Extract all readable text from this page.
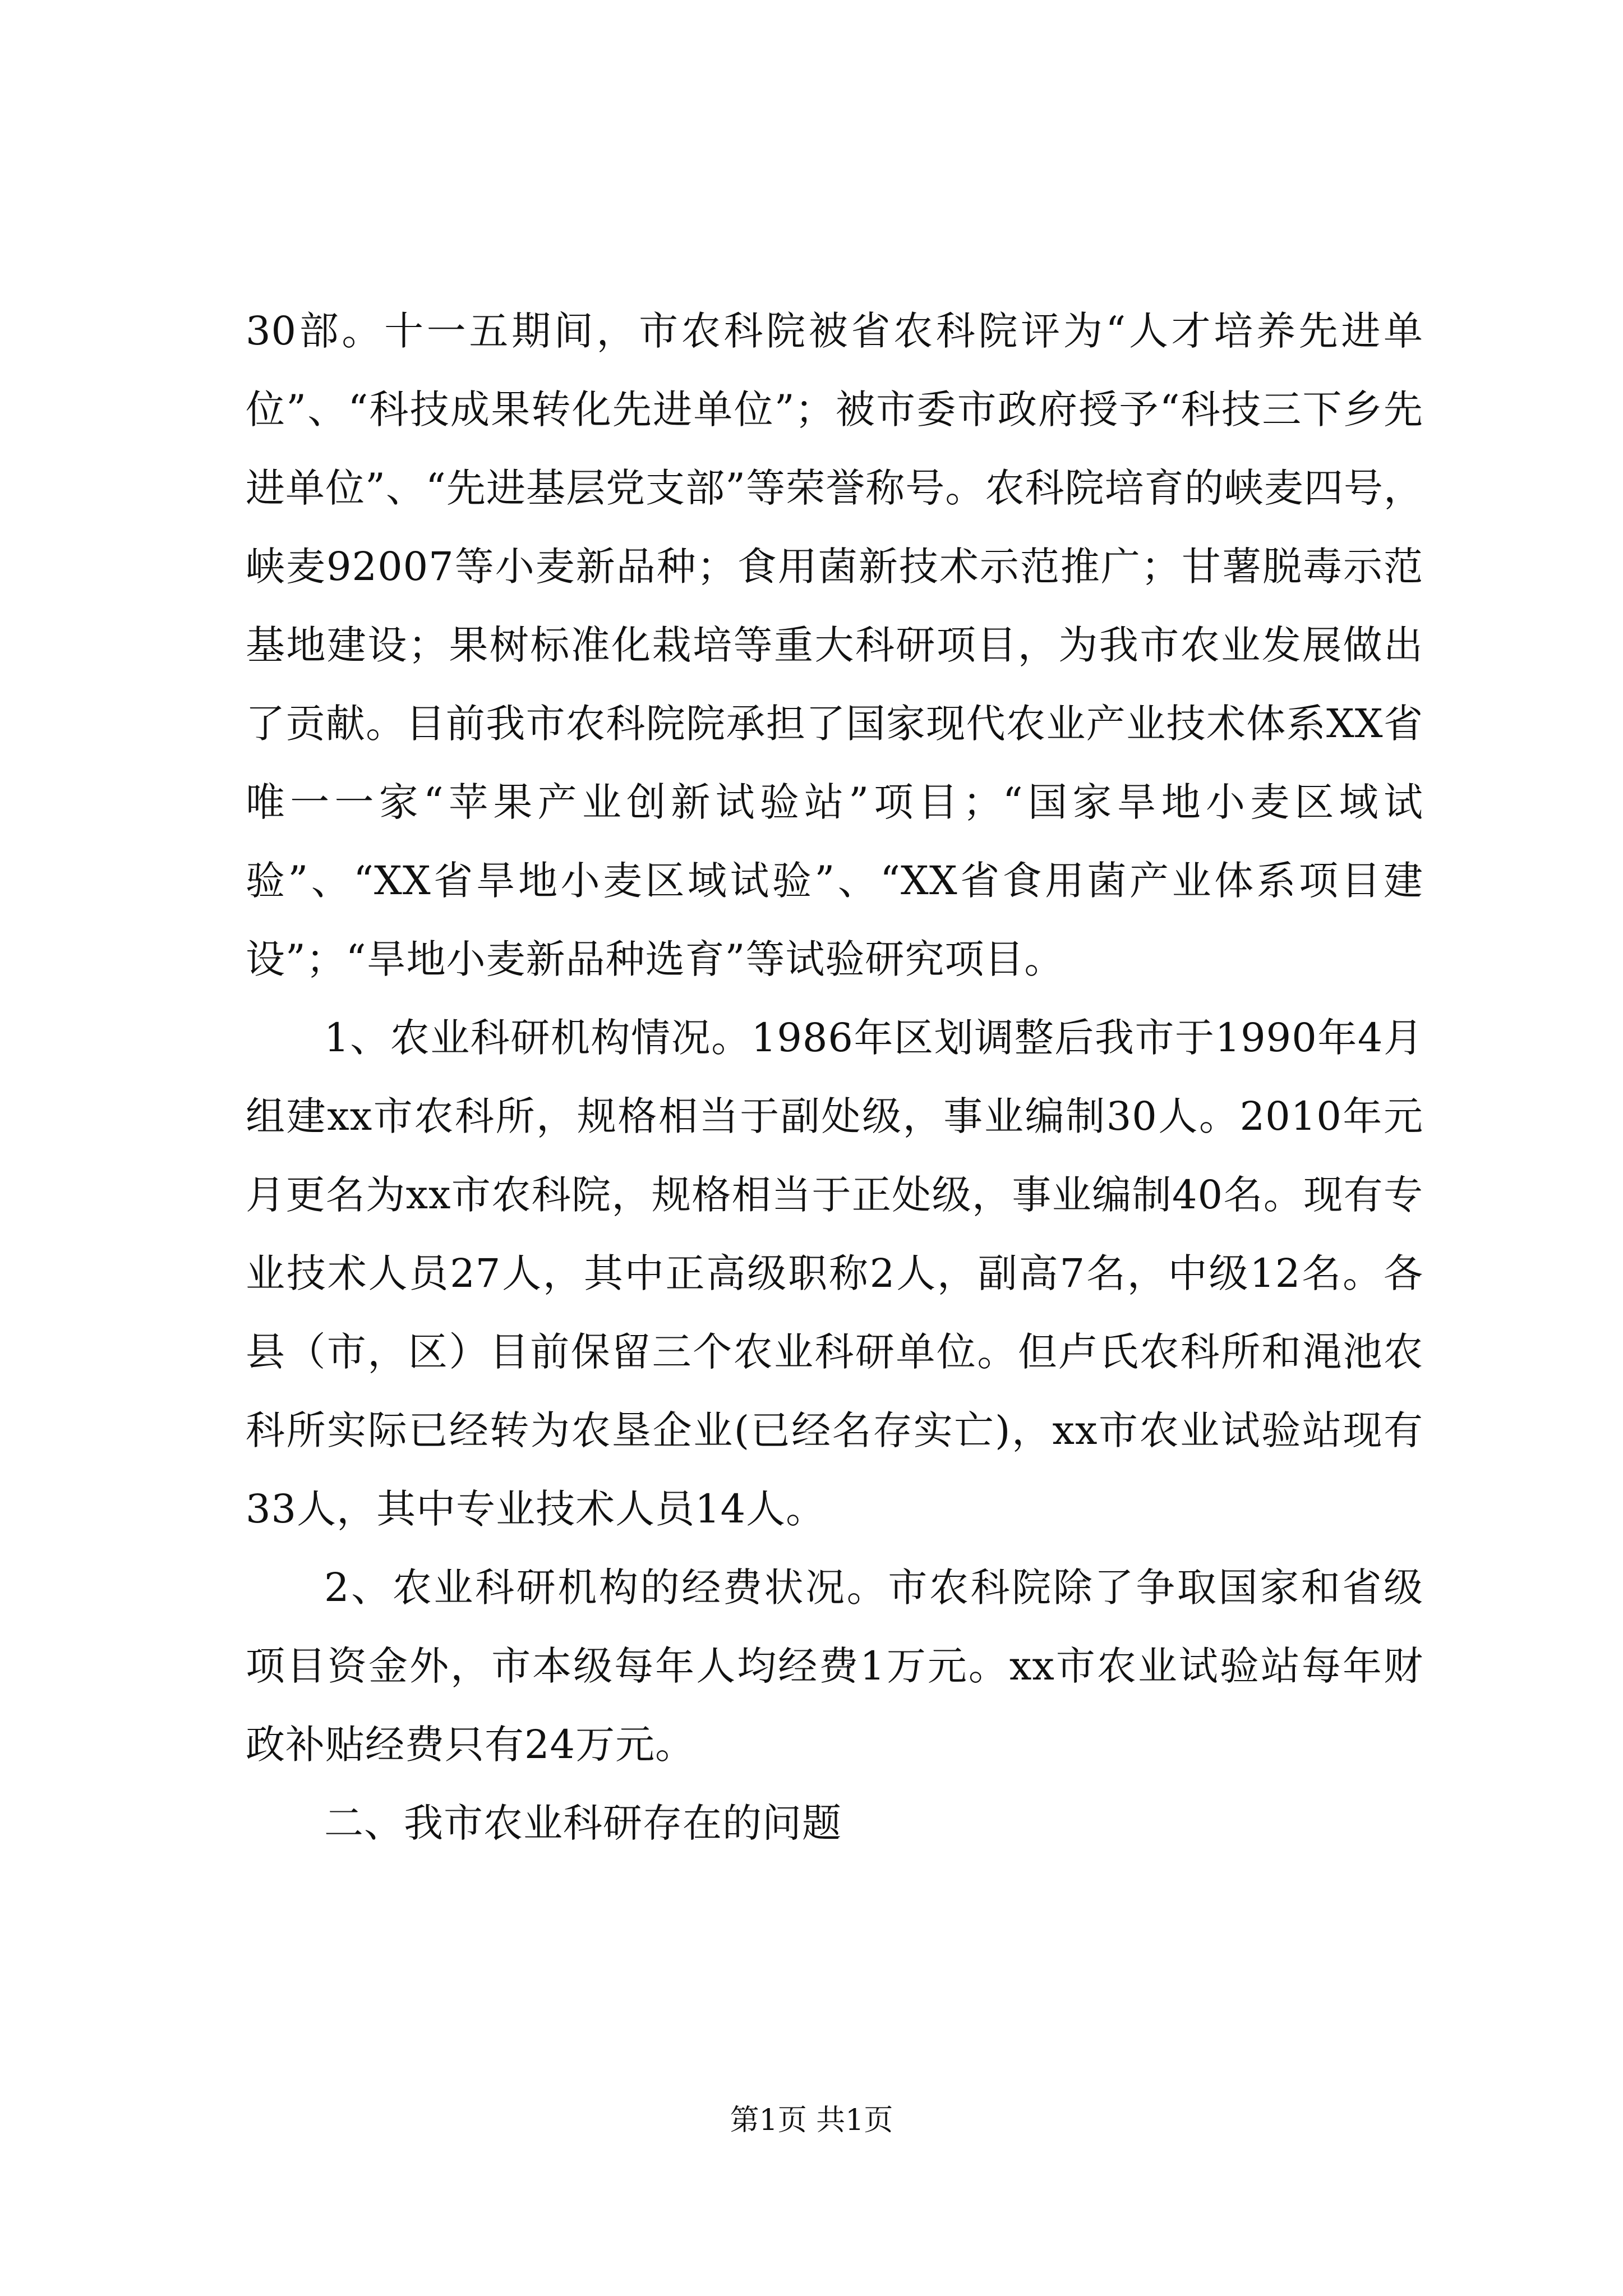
30部。十一五期间，市农科院被省农科院评为“人才培养先进单位”、“科技成果转化先进单位”；被市委市政府授予“科技三下乡先进单位”、“先进基层党支部”等荣誉称号。农科院培育的峡麦四号，峡麦92007等小麦新品种；食用菌新技术示范推广；甘薯脱毒示范基地建设；果树标准化栽培等重大科研项目，为我市农业发展做出了贡献。目前我市农科院院承担了国家现代农业产业技术体系XX省唯一一家“苹果产业创新试验站”项目；“国家旱地小麦区域试验”、“XX省旱地小麦区域试验”、“XX省食用菌产业体系项目建设”；“旱地小麦新品种选育”等试验研究项目。

1、农业科研机构情况。1986年区划调整后我市于1990年4月组建xx市农科所，规格相当于副处级，事业编制30人。2010年元月更名为xx市农科院，规格相当于正处级，事业编制40名。现有专业技术人员27人，其中正高级职称2人，副高7名，中级12名。各县（市，区）目前保留三个农业科研单位。但卢氏农科所和渑池农科所实际已经转为农垦企业(已经名存实亡)，xx市农业试验站现有33人，其中专业技术人员14人。

2、农业科研机构的经费状况。市农科院除了争取国家和省级项目资金外，市本级每年人均经费1万元。xx市农业试验站每年财政补贴经费只有24万元。

二、我市农业科研存在的问题

第1页 共1页
